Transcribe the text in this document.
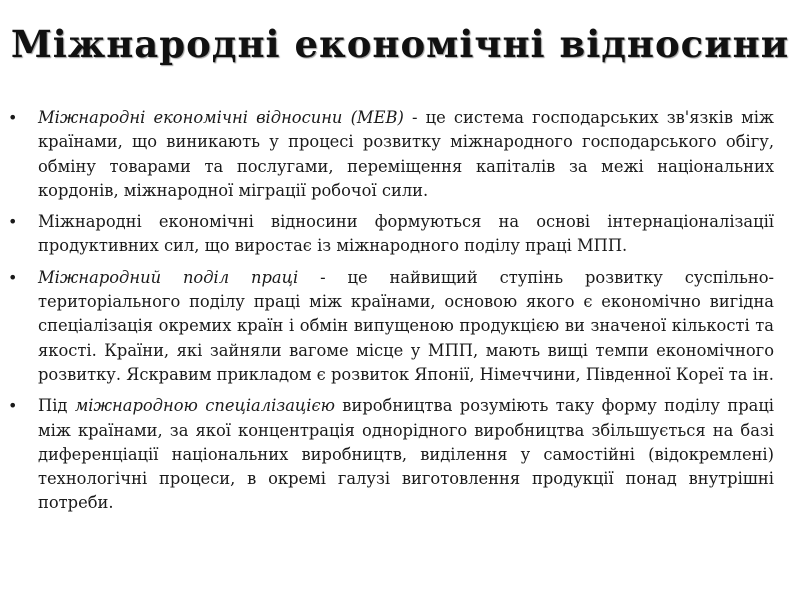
Міжнародні економічні відносини
• Міжнародні економічні відносини (МЕВ) - це система господарських зв'язків між країнами, що виникають у процесі розвитку міжнародного господарського обігу, обміну товарами та послугами, переміщення капіталів за межі національних кордонів, міжнародної міграції робочої сили.
• Міжнародні економічні відносини формуються на основі інтернаціоналізації продуктивних сил, що виростає із міжнародного поділу праці МПП.
• Міжнародний поділ праці - це найвищий ступінь розвитку суспільно-територіального поділу праці між країнами, основою якого є економічно вигідна спеціалізація окремих країн і обмін випущеною продукцією ви значеної кількості та якості. Країни, які зайняли вагоме місце у МПП, мають вищі темпи економічного розвитку. Яскравим прикладом є розвиток Японії, Німеччини, Південної Кореї та ін.
• Під міжнародною спеціалізацією виробництва розуміють таку форму поділу праці між країнами, за якої концентрація однорідного виробництва збільшується на базі диференціації національних виробництв, виділення у самостійні (відокремлені) технологічні процеси, в окремі галузі виготовлення продукції понад внутрішні потреби.
